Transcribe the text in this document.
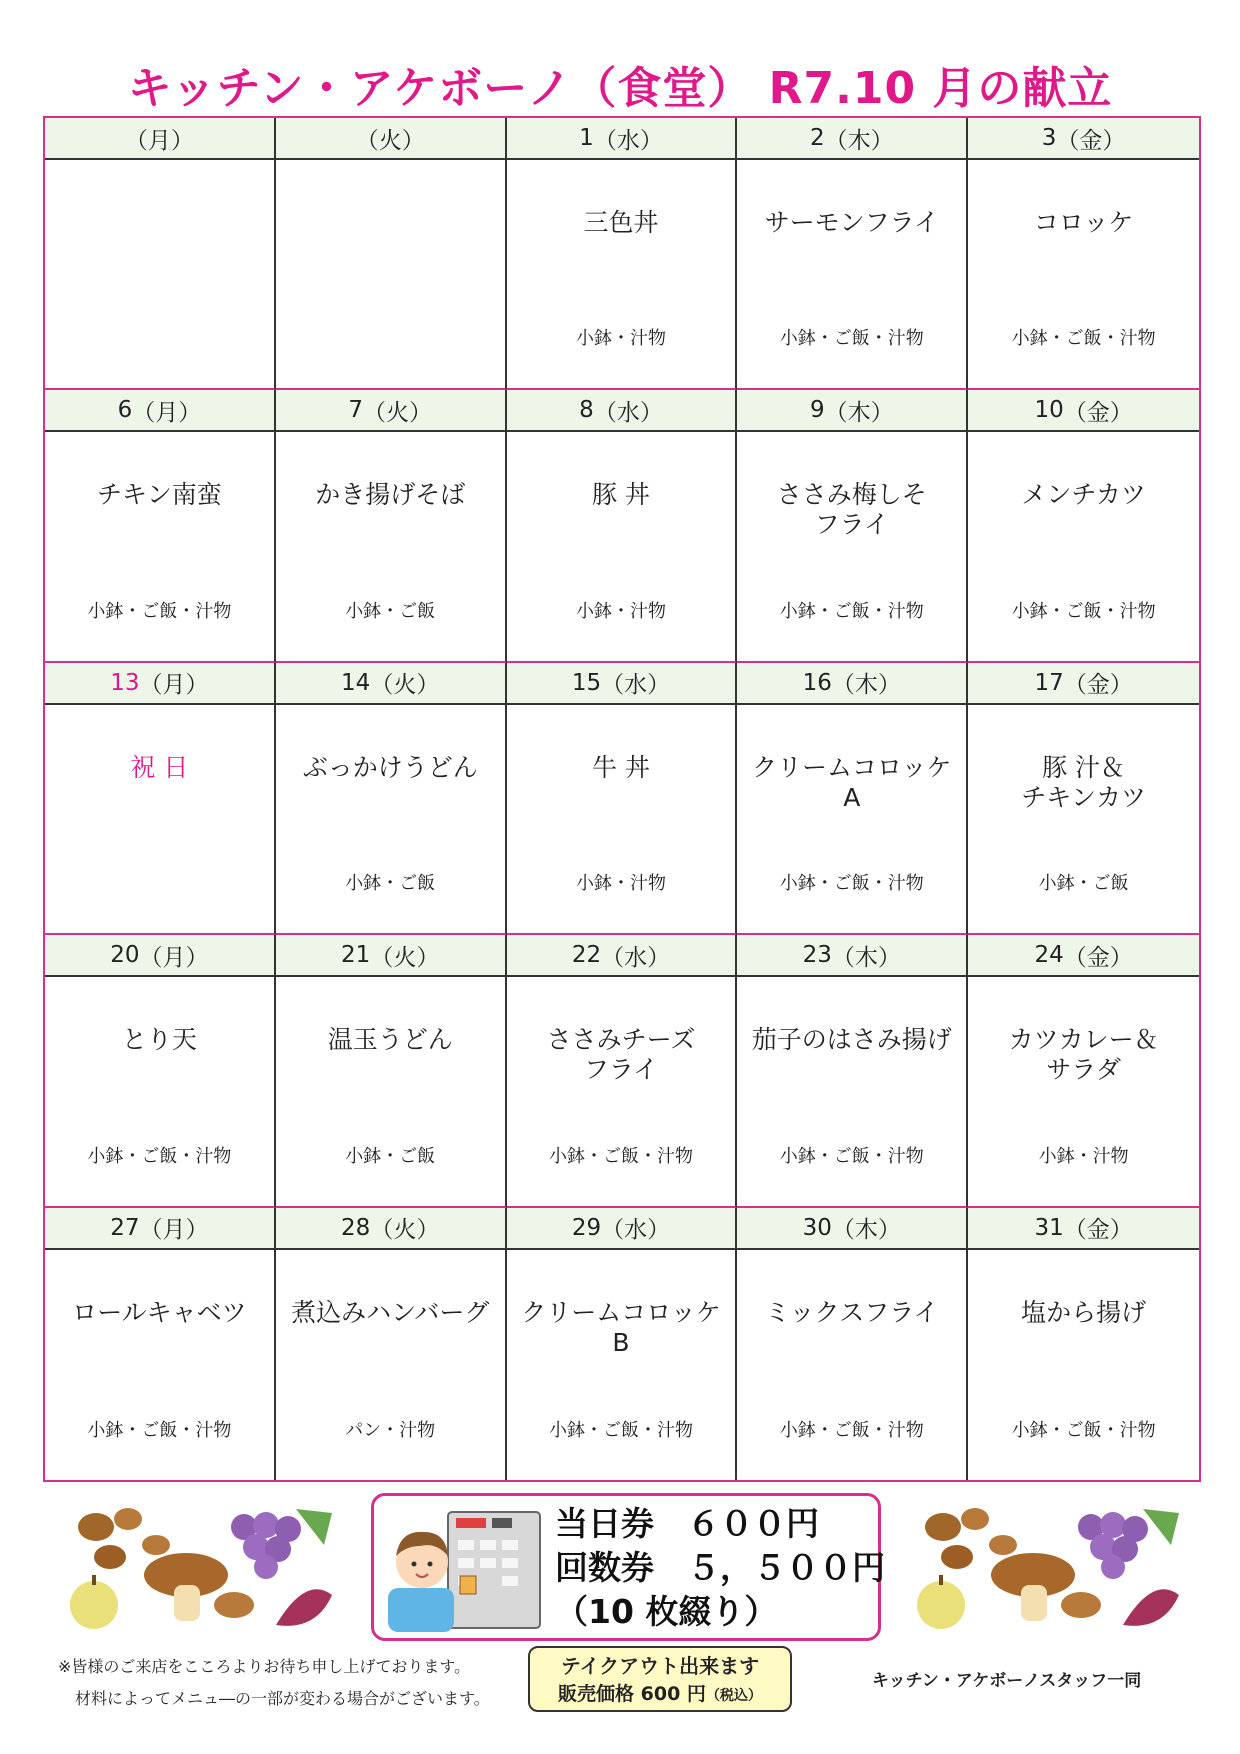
キッチン・アケボーノ（食堂） R7.10 月の献立
（月）	（火）	1 （水）
三色丼
小鉢・汁物
2 （木）
サーモンフライ
小鉢・ご飯・汁物
3 （金）
コロッケ
小鉢・ご飯・汁物
6 （月）
チキン南蛮
小鉢・ご飯・汁物
7 （火）
かき揚げそば
小鉢・ご飯
8 （水）
豚 丼
小鉢・汁物
9 （木）
ささみ梅しそ
フライ
小鉢・ご飯・汁物
10 （金）
メンチカツ
小鉢・ご飯・汁物
13 （月）
祝 日
14 （火）
ぶっかけうどん
小鉢・ご飯
15 （水）
牛 丼
小鉢・汁物
16 （木）
クリームコロッケ
A
小鉢・ご飯・汁物
17 （金）
豚 汁＆
チキンカツ
小鉢・ご飯
20 （月）
とり天
小鉢・ご飯・汁物
21 （火）
温玉うどん
小鉢・ご飯
22 （水）
ささみチーズ
フライ
小鉢・ご飯・汁物
23 （木）
茄子のはさみ揚げ
小鉢・ご飯・汁物
24 （金）
カツカレー＆
サラダ
小鉢・汁物
27 （月）
ロールキャベツ
小鉢・ご飯・汁物
28 （火）
煮込みハンバーグ
パン・汁物
29 （水）
クリームコロッケ
B
小鉢・ご飯・汁物
30 （木）
ミックスフライ
小鉢・ご飯・汁物
31 （金）
塩から揚げ
小鉢・ご飯・汁物
当日券　６００円
回数券　５，５００円
（10 枚綴り）
※皆様のご来店をこころよりお待ち申し上げております。
材料によってメニュ―の一部が変わる場合がございます。
テイクアウト出来ます
販売価格 600 円（税込）
キッチン・アケボーノスタッフ一同
